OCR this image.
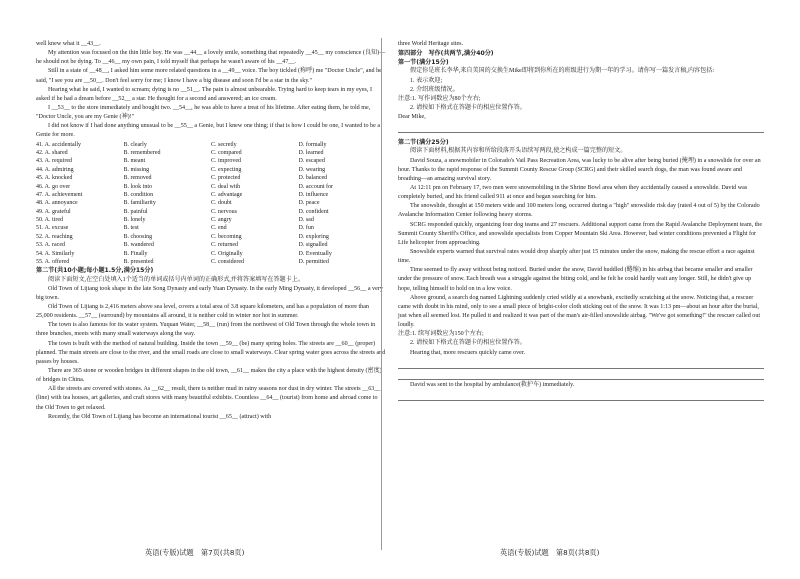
well knew what it __43__.

My attention was focused on the thin little boy. He was __44__ a lovely smile, something that repeatedly __45__ my conscience (良知)—he should not be dying. To __46__ my own pain, I told myself that perhaps he wasn't aware of his __47__.

Still in a state of __48__, I asked him some more related questions in a __49__ voice. The boy tickled (称呼) me "Doctor Uncle", and he said, "I see you are __50__. Don't feel sorry for me; I know I have a big disease and soon I'd be a star in the sky."

Hearing what he said, I wanted to scream; dying is no __51__. The pain is almost unbearable. Trying hard to keep tears in my eyes, I asked if he had a dream before __52__ a star. He thought for a second and answered; an ice cream.

I __53__ to the store immediately and bought two. __54__, he was able to have a treat of his lifetime. After eating them, he told me, "Doctor Uncle, you are my Genie (神)!"

I did not know if I had done anything unusual to be __55__ a Genie, but I knew one thing; if that is how I could be one, I wanted to be a Genie for more.

41. A. accidentally	B. clearly	C. secretly	D. formally
42. A. shared	B. remembered	C. compared	D. learned
43. A. required	B. meant	C. improved	D. escaped
44. A. admiring	B. missing	C. expecting	D. wearing
45. A. knocked	B. removed	C. protected	D. balanced
46. A. go over	B. look into	C. deal with	D. account for
47. A. achievement	B. condition	C. advantage	D. influence
48. A. annoyance	B. familiarity	C. doubt	D. peace
49. A. grateful	B. painful	C. nervous	D. confident
50. A. tired	B. lonely	C. angry	D. sad
51. A. excuse	B. test	C. end	D. fun
52. A. reaching	B. choosing	C. becoming	D. exploring
53. A. raced	B. wandered	C. returned	D. signalled
54. A. Similarly	B. Finally	C. Originally	D. Eventually
55. A. offered	B. presented	C. considered	D. permitted

第二节(共10小题;每小题1.5分,满分15分)

阅读下面短文,在空白处填入1个适当的单词或括号内单词的正确形式,并将答案填写在答题卡上。

Old Town of Lijiang took shape in the late Song Dynasty and early Yuan Dynasty. In the early Ming Dynasty, it developed __56__ a very big town.

Old Town of Lijiang is 2,416 meters above sea level, covers a total area of 3.8 square kilometers, and has a population of more than 25,000 residents. __57__ (surround) by mountains all around, it is neither cold in winter nor hot in summer.

The town is also famous for its water system. Yuquan Water, __58__ (run) from the northwest of Old Town through the whole town in three branches, meets with many small waterways along the way.

The town is built with the method of natural building. Inside the town __59__ (be) many spring holes. The streets are __60__ (proper) planned. The main streets are close to the river, and the small roads are close to small waterways. Clear spring water goes across the streets and passes by houses.

There are 365 stone or wooden bridges in different shapes in the old town, __61__ makes the city a place with the highest density (密度) of bridges in China.

All the streets are covered with stones. As __62__ result, there is neither mud in rainy seasons nor dust in dry winter. The streets __63__ (line) with tea houses, art galleries, and craft stores with many beautiful exhibits. Countless __64__ (tourist) from home and abroad come to the Old Town to get relaxed.

Recently, the Old Town of Lijiang has become an international tourist __65__ (attract) with

three World Heritage sites.

第四部分　写作(共两节,满分40分)

第一节(满分15分)

假定你是班长李华,来自美国的交换生Mike即将到你所在的班级进行为期一年的学习。请你写一篇发言稿,内容包括:

1. 表示欢迎;

2. 介绍班级情况。

注意:1. 写作词数应为80个左右;

2. 请按如下格式在答题卡的相应位置作答。

Dear Mike,

第二节(满分25分)

阅读下面材料,根据其内容和所给段落开头语续写两段,使之构成一篇完整的短文。

David Souza, a snowmobiler in Colorado's Vail Pass Recreation Area, was lucky to be alive after being buried (掩埋) in a snowslide for over an hour. Thanks to the rapid response of the Summit County Rescue Group (SCRG) and their skilled search dogs, the man was found aware and breathing—an amazing survival story.

At 12:11 pm on February 17, two men were snowmobiling in the Shrine Bowl area when they accidentally caused a snowslide. David was completely buried, and his friend called 911 at once and began searching for him.

The snowslide, thought at 150 meters wide and 100 meters long, occurred during a "high" snowslide risk day (rated 4 out of 5) by the Colorado Avalanche Information Center following heavy storms.

SCRG responded quickly, organizing four dog teams and 27 rescuers. Additional support came from the Rapid Avalanche Deployment team, the Summit County Sheriff's Office, and snowslide specialists from Copper Mountain Ski Area. However, bad winter conditions prevented a Flight for Life helicopter from approaching.

Snowslide experts warned that survival rates would drop sharply after just 15 minutes under the snow, making the rescue effort a race against time.

Time seemed to fly away without being noticed. Buried under the snow, David huddled (蜷缩) in his airbag that became smaller and smaller under the pressure of snow. Each breath was a struggle against the biting cold, and he felt he could hardly wait any longer. Still, he didn't give up hope, telling himself to hold on in a low voice.

Above ground, a search dog named Lightning suddenly cried wildly at a snowbank, excitedly scratching at the snow. Noticing that, a rescuer came with doubt in his mind, only to see a small piece of bright-color cloth sticking out of the snow. It was 1:13 pm—about an hour after the burial, just when all seemed lost. He pulled it and realized it was part of the man's air-filled snowslide airbag. "We've got something!" the rescuer called out loudly.

注意:1. 续写词数应为150个左右;

2. 请按如下格式在答题卡的相应位置作答。

Hearing that, more rescuers quickly came over.

David was sent to the hospital by ambulance(救护车) immediately.

英语(专版)试题　第7页(共8页)	英语(专版)试题　第8页(共8页)
